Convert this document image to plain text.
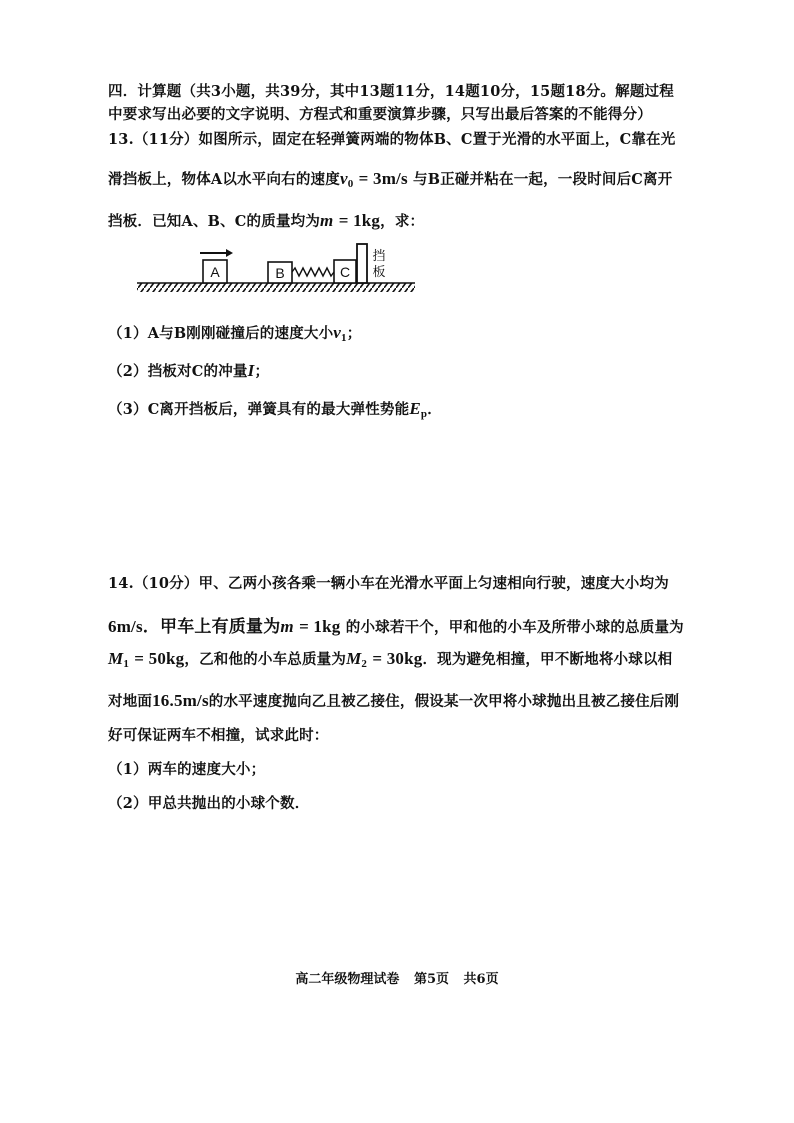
四．计算题（共3小题，共39分，其中13题11分，14题10分，15题18分。解题过程
中要求写出必要的文字说明、方程式和重要演算步骤，只写出最后答案的不能得分）
13.（11分）如图所示，固定在轻弹簧两端的物体B、C置于光滑的水平面上，C靠在光
滑挡板上，物体A以水平向右的速度$v_0 = 3m/s$ 与B正碰并粘在一起，一段时间后C离开
挡板．已知A、B、C的质量均为m = 1kg，求：
A	B	C
挡
板
（1）A与B刚刚碰撞后的速度大小$v_1$；
（2）挡板对C的冲量I；
（3）C离开挡板后，弹簧具有的最大弹性势能$E_p$．
14.（10分）甲、乙两小孩各乘一辆小车在光滑水平面上匀速相向行驶，速度大小均为
6m/s．甲车上有质量为m = 1kg 的小球若干个，甲和他的小车及所带小球的总质量为
$M_1 = 50kg$，乙和他的小车总质量为$M_2 = 30kg$．现为避免相撞，甲不断地将小球以相
对地面16.5m/s的水平速度抛向乙且被乙接住，假设某一次甲将小球抛出且被乙接住后刚
好可保证两车不相撞，试求此时：
（1）两车的速度大小；
（2）甲总共抛出的小球个数．
高二年级物理试卷 第5页 共6页
